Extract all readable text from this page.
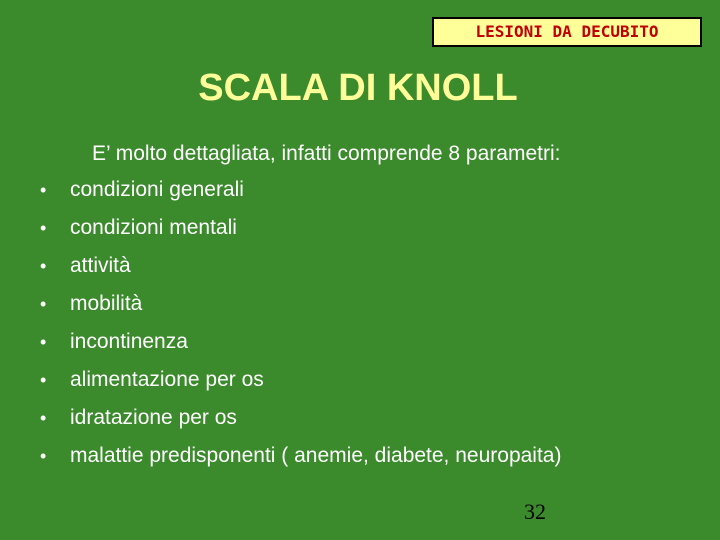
LESIONI DA DECUBITO
SCALA DI KNOLL
E’ molto dettagliata, infatti comprende 8 parametri:
•	condizioni generali
•	condizioni mentali
•	attività
•	mobilità
•	incontinenza
•	alimentazione per os
•	idratazione per os
•	malattie predisponenti ( anemie, diabete, neuropaita)
32
